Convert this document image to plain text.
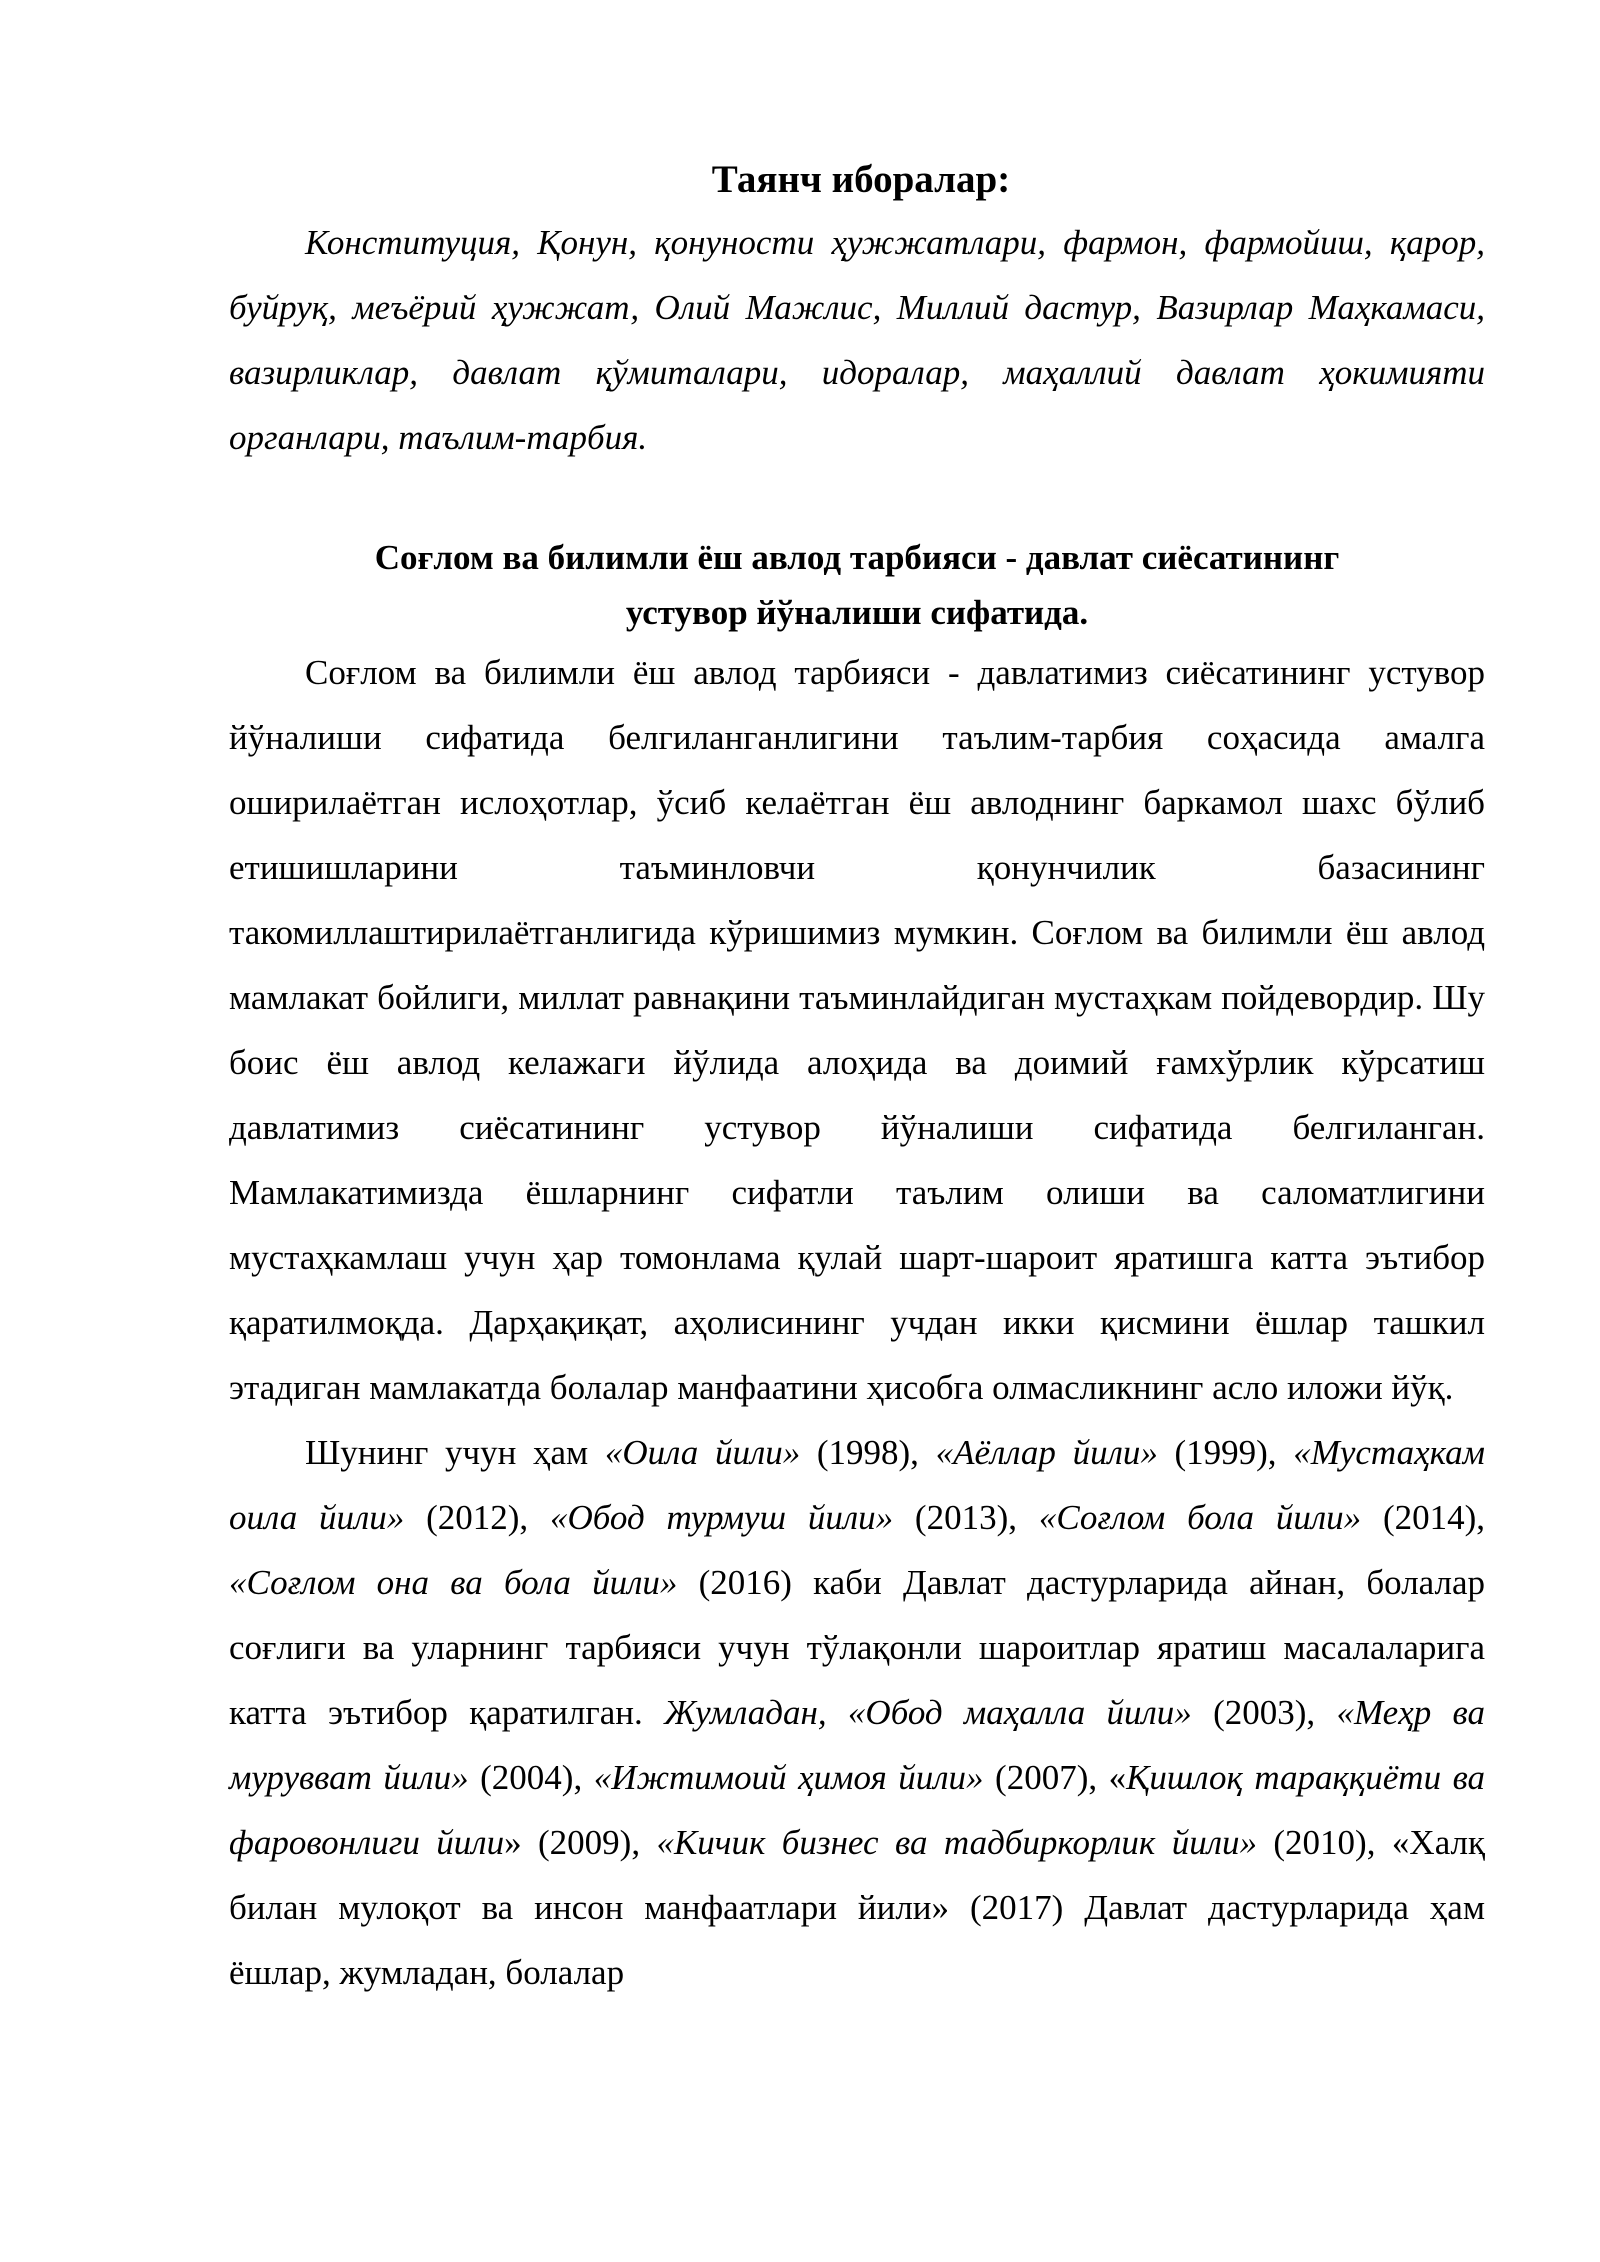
Таянч иборалар:

Конституция, Қонун, қонуности ҳужжатлари, фармон, фармойиш, қарор, буйруқ, меъёрий ҳужжат, Олий Мажлис, Миллий дастур, Вазирлар Маҳкамаси, вазирликлар, давлат қўмиталари, идоралар, маҳаллий давлат ҳокимияти органлари, таълим-тарбия.

Соғлом ва билимли ёш авлод тарбияси - давлат сиёсатининг
устувор йўналиши сифатида.

Соғлом ва билимли ёш авлод тарбияси - давлатимиз сиёсатининг устувор йўналиши сифатида белгиланганлигини таълим-тарбия соҳасида амалга оширилаётган ислоҳотлар, ўсиб келаётган ёш авлоднинг баркамол шахс бўлиб етишишларини таъминловчи қонунчилик базасининг такомиллаштирилаётганлигида кўришимиз мумкин. Соғлом ва билимли ёш авлод мамлакат бойлиги, миллат равнақини таъминлайдиган мустаҳкам пойдевордир. Шу боис ёш авлод келажаги йўлида алоҳида ва доимий ғамхўрлик кўрсатиш давлатимиз сиёсатининг устувор йўналиши сифатида белгиланган. Мамлакатимизда ёшларнинг сифатли таълим олиши ва саломатлигини мустаҳкамлаш учун ҳар томонлама қулай шарт-шароит яратишга катта эътибор қаратилмоқда. Дарҳақиқат, аҳолисининг учдан икки қисмини ёшлар ташкил этадиган мамлакатда болалар манфаатини ҳисобга олмасликнинг асло иложи йўқ.

Шунинг учун ҳам «Оила йили» (1998), «Аёллар йили» (1999), «Мустаҳкам оила йили» (2012), «Обод турмуш йили» (2013), «Соғлом бола йили» (2014), «Соғлом она ва бола йили» (2016) каби Давлат дастурларида айнан, болалар соғлиги ва уларнинг тарбияси учун тўлақонли шароитлар яратиш масалаларига катта эътибор қаратилган. Жумладан, «Обод маҳалла йили» (2003), «Меҳр ва мурувват йили» (2004), «Ижтимоий ҳимоя йили» (2007), «Қишлоқ тараққиёти ва фаровонлиги йили» (2009), «Кичик бизнес ва тадбиркорлик йили» (2010), «Халқ билан мулоқот ва инсон манфаатлари йили» (2017) Давлат дастурларида ҳам ёшлар, жумладан, болалар
